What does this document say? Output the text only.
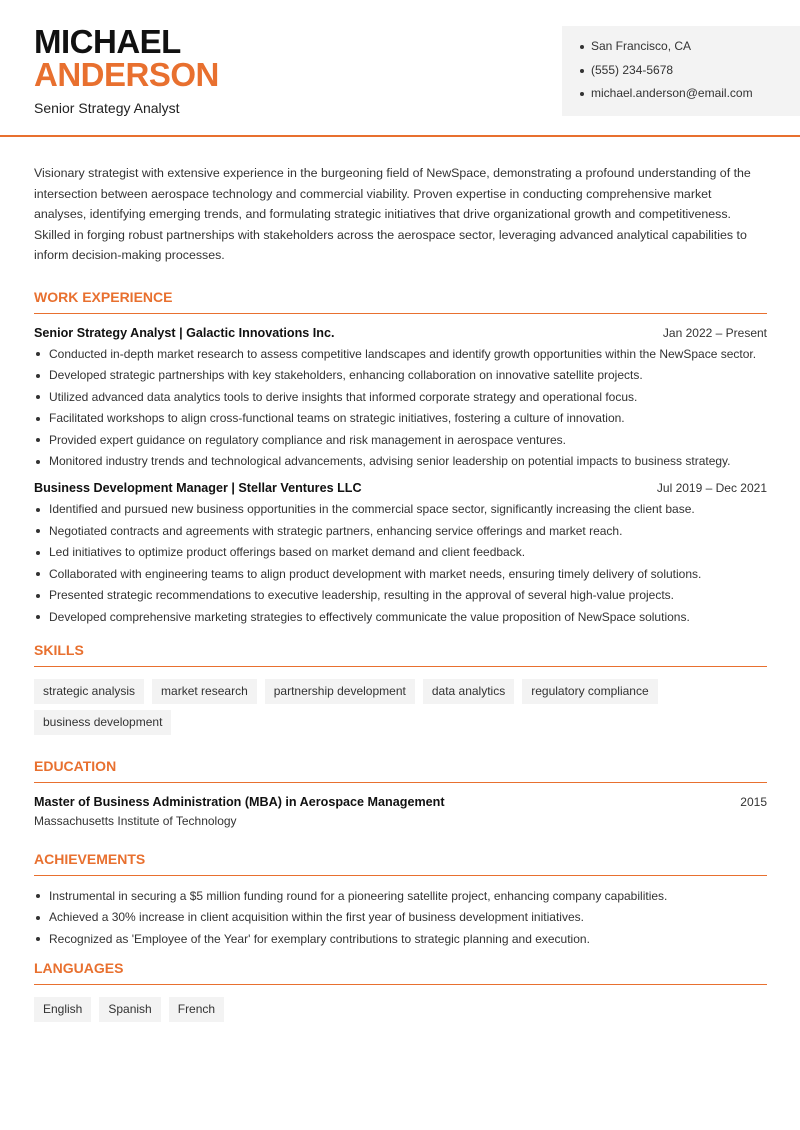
MICHAEL
ANDERSON
Senior Strategy Analyst
San Francisco, CA
(555) 234-5678
michael.anderson@email.com

Visionary strategist with extensive experience in the burgeoning field of NewSpace, demonstrating a profound understanding of the intersection between aerospace technology and commercial viability. Proven expertise in conducting comprehensive market analyses, identifying emerging trends, and formulating strategic initiatives that drive organizational growth and competitiveness. Skilled in forging robust partnerships with stakeholders across the aerospace sector, leveraging advanced analytical capabilities to inform decision-making processes.

WORK EXPERIENCE
Senior Strategy Analyst | Galactic Innovations Inc.	Jan 2022 – Present
Conducted in-depth market research to assess competitive landscapes and identify growth opportunities within the NewSpace sector.
Developed strategic partnerships with key stakeholders, enhancing collaboration on innovative satellite projects.
Utilized advanced data analytics tools to derive insights that informed corporate strategy and operational focus.
Facilitated workshops to align cross-functional teams on strategic initiatives, fostering a culture of innovation.
Provided expert guidance on regulatory compliance and risk management in aerospace ventures.
Monitored industry trends and technological advancements, advising senior leadership on potential impacts to business strategy.
Business Development Manager | Stellar Ventures LLC	Jul 2019 – Dec 2021
Identified and pursued new business opportunities in the commercial space sector, significantly increasing the client base.
Negotiated contracts and agreements with strategic partners, enhancing service offerings and market reach.
Led initiatives to optimize product offerings based on market demand and client feedback.
Collaborated with engineering teams to align product development with market needs, ensuring timely delivery of solutions.
Presented strategic recommendations to executive leadership, resulting in the approval of several high-value projects.
Developed comprehensive marketing strategies to effectively communicate the value proposition of NewSpace solutions.
SKILLS
strategic analysis	market research	partnership development	data analytics	regulatory compliance
business development
EDUCATION
Master of Business Administration (MBA) in Aerospace Management	2015
Massachusetts Institute of Technology
ACHIEVEMENTS
Instrumental in securing a $5 million funding round for a pioneering satellite project, enhancing company capabilities.
Achieved a 30% increase in client acquisition within the first year of business development initiatives.
Recognized as 'Employee of the Year' for exemplary contributions to strategic planning and execution.
LANGUAGES
English	Spanish	French
